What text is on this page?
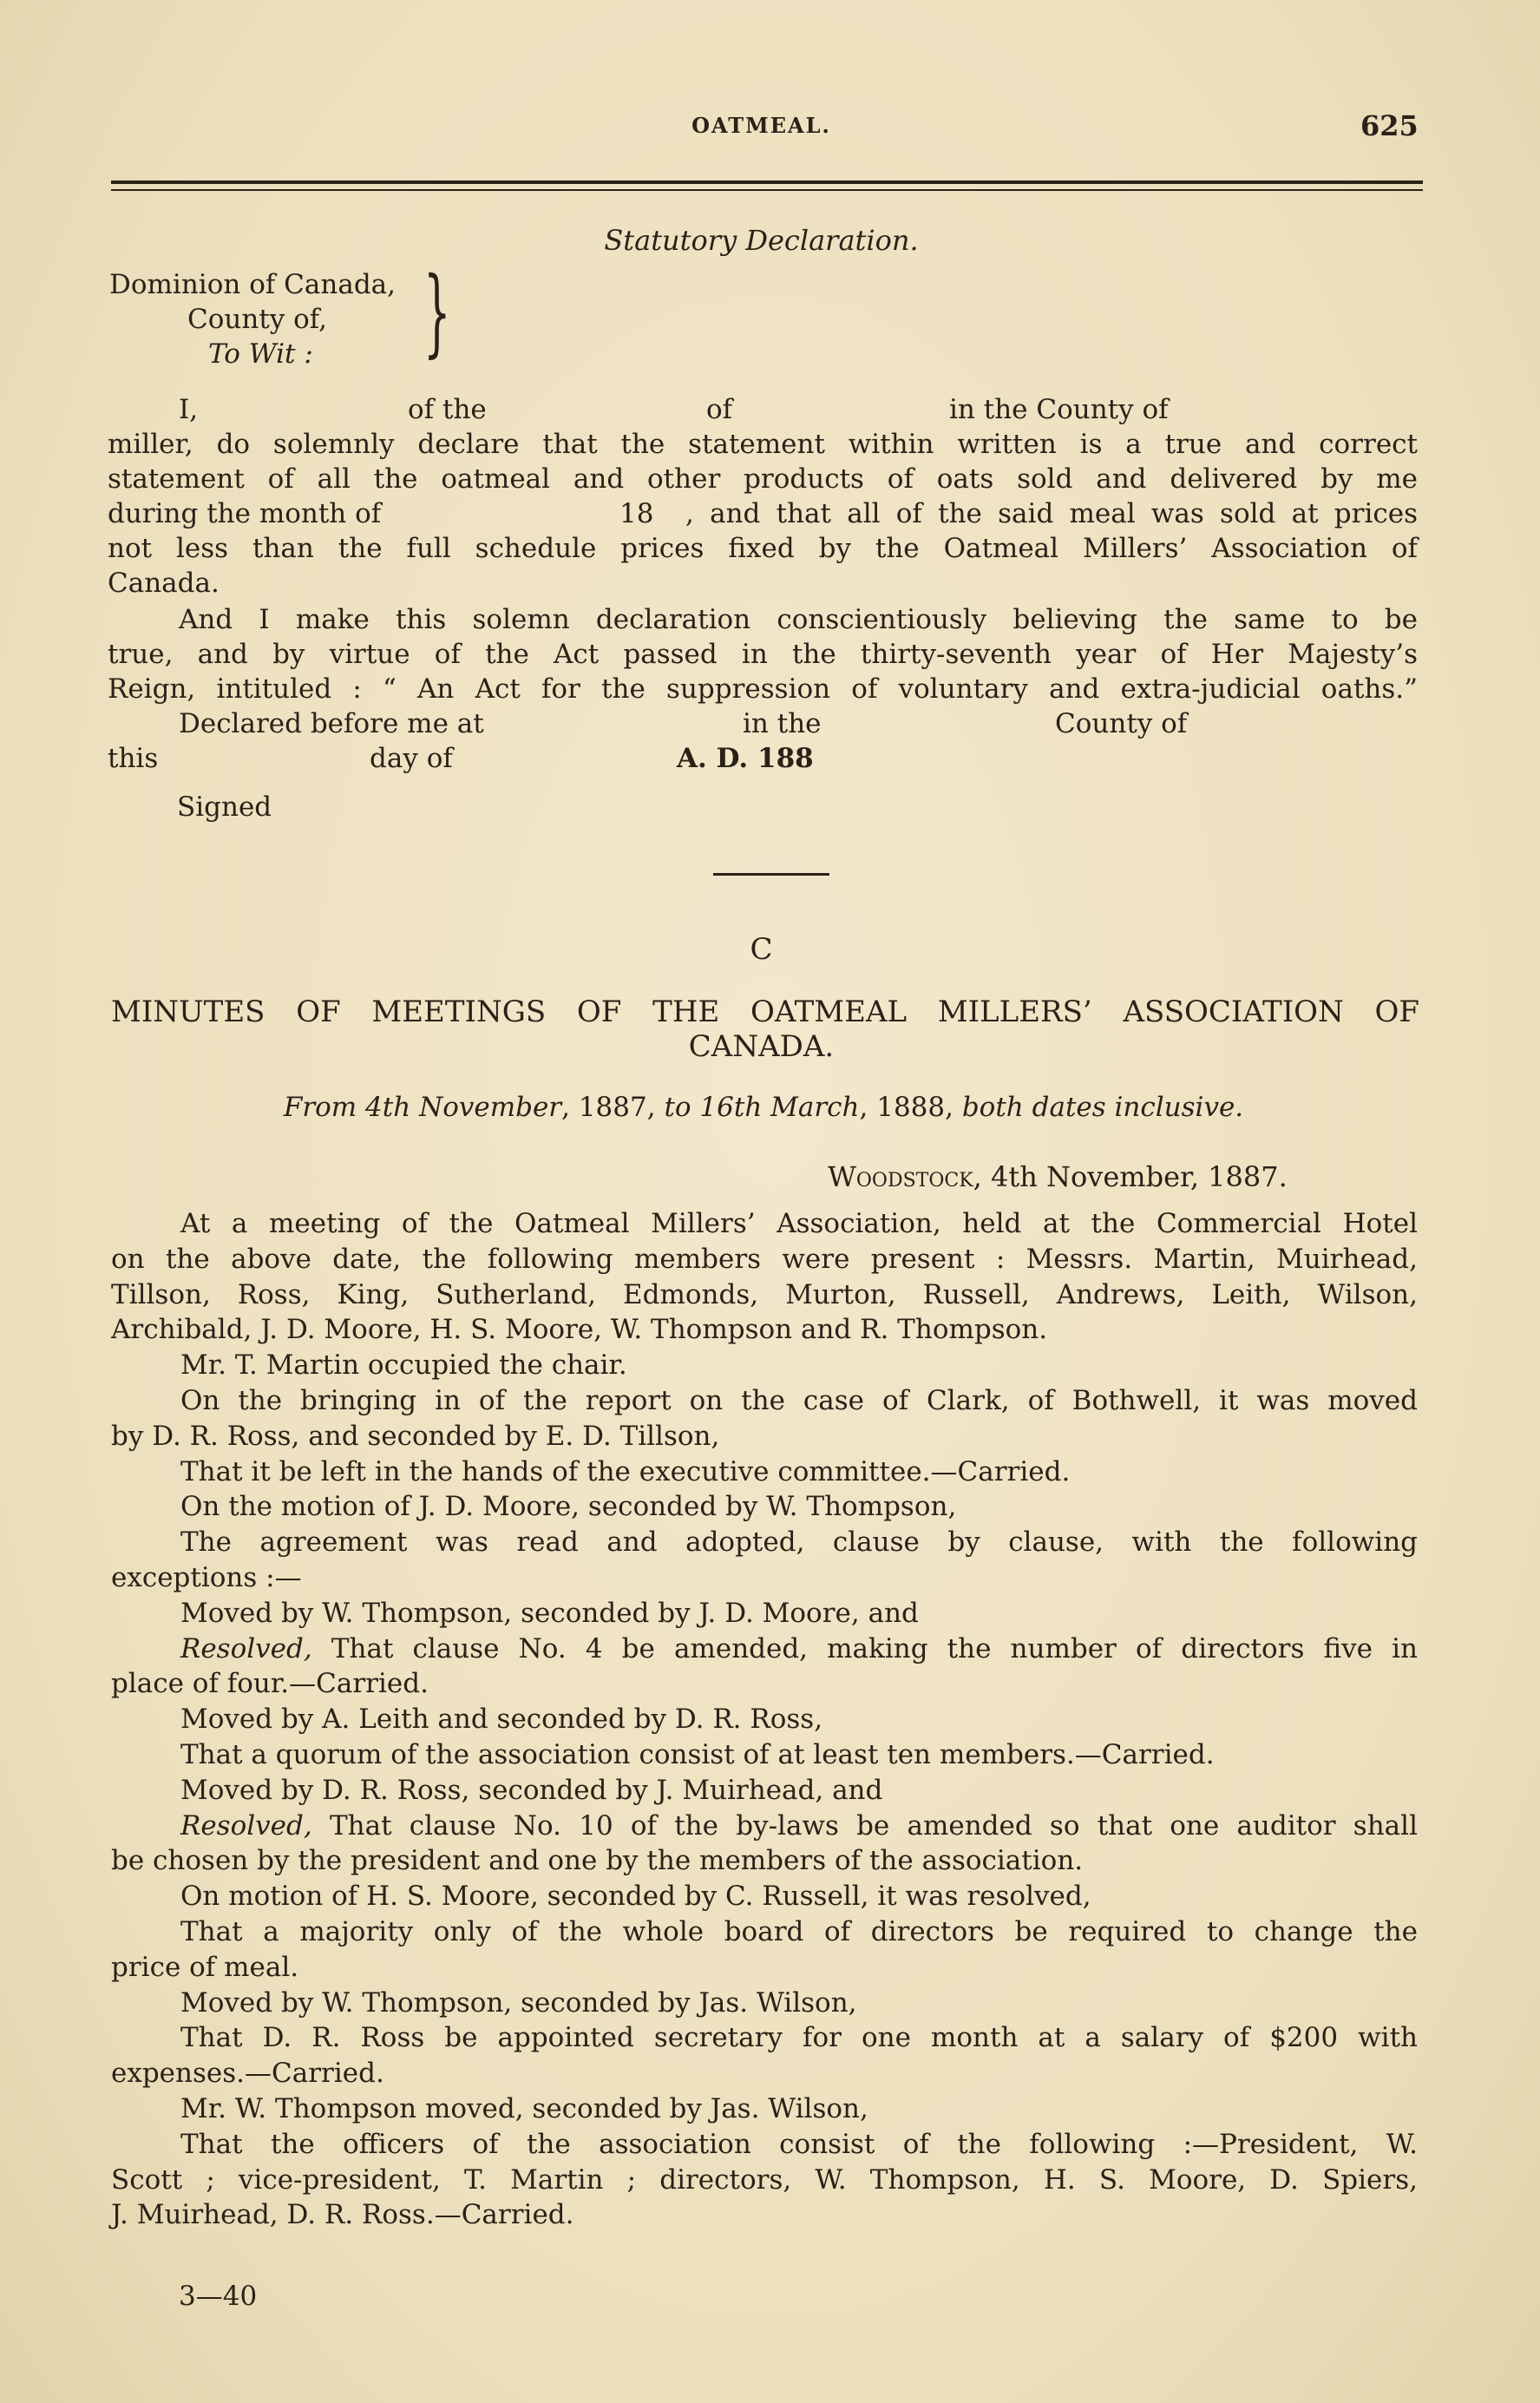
OATMEAL.	625
Statutory Declaration.
Dominion of Canada,
County of,
To Wit : }
I,	of the	of	in the County of
miller, do solemnly declare that the statement within written is a true and correct
statement of all the oatmeal and other products of oats sold and delivered by me
during the month of	18 , and that all of the said meal was sold at prices
not less than the full schedule prices fixed by the Oatmeal Millers’ Association of
Canada.
And I make this solemn declaration conscientiously believing the same to be
true, and by virtue of the Act passed in the thirty-seventh year of Her Majesty’s
Reign, intituled : “ An Act for the suppression of voluntary and extra-judicial oaths.”
Declared before me at	in the	County of
this	day of	A. D. 188
Signed
C
MINUTES OF MEETINGS OF THE OATMEAL MILLERS’ ASSOCIATION OF
CANADA.
From 4th November, 1887, to 16th March, 1888, both dates inclusive.
Woodstock, 4th November, 1887.
At a meeting of the Oatmeal Millers’ Association, held at the Commercial Hotel
on the above date, the following members were present : Messrs. Martin, Muirhead,
Tillson, Ross, King, Sutherland, Edmonds, Murton, Russell, Andrews, Leith, Wilson,
Archibald, J. D. Moore, H. S. Moore, W. Thompson and R. Thompson.
Mr. T. Martin occupied the chair.
On the bringing in of the report on the case of Clark, of Bothwell, it was moved
by D. R. Ross, and seconded by E. D. Tillson,
That it be left in the hands of the executive committee.—Carried.
On the motion of J. D. Moore, seconded by W. Thompson,
The agreement was read and adopted, clause by clause, with the following
exceptions :—
Moved by W. Thompson, seconded by J. D. Moore, and
Resolved, That clause No. 4 be amended, making the number of directors five in
place of four.—Carried.
Moved by A. Leith and seconded by D. R. Ross,
That a quorum of the association consist of at least ten members.—Carried.
Moved by D. R. Ross, seconded by J. Muirhead, and
Resolved, That clause No. 10 of the by-laws be amended so that one auditor shall
be chosen by the president and one by the members of the association.
On motion of H. S. Moore, seconded by C. Russell, it was resolved,
That a majority only of the whole board of directors be required to change the
price of meal.
Moved by W. Thompson, seconded by Jas. Wilson,
That D. R. Ross be appointed secretary for one month at a salary of $200 with
expenses.—Carried.
Mr. W. Thompson moved, seconded by Jas. Wilson,
That the officers of the association consist of the following :—President, W.
Scott ; vice-president, T. Martin ; directors, W. Thompson, H. S. Moore, D. Spiers,
J. Muirhead, D. R. Ross.—Carried.
3—40
